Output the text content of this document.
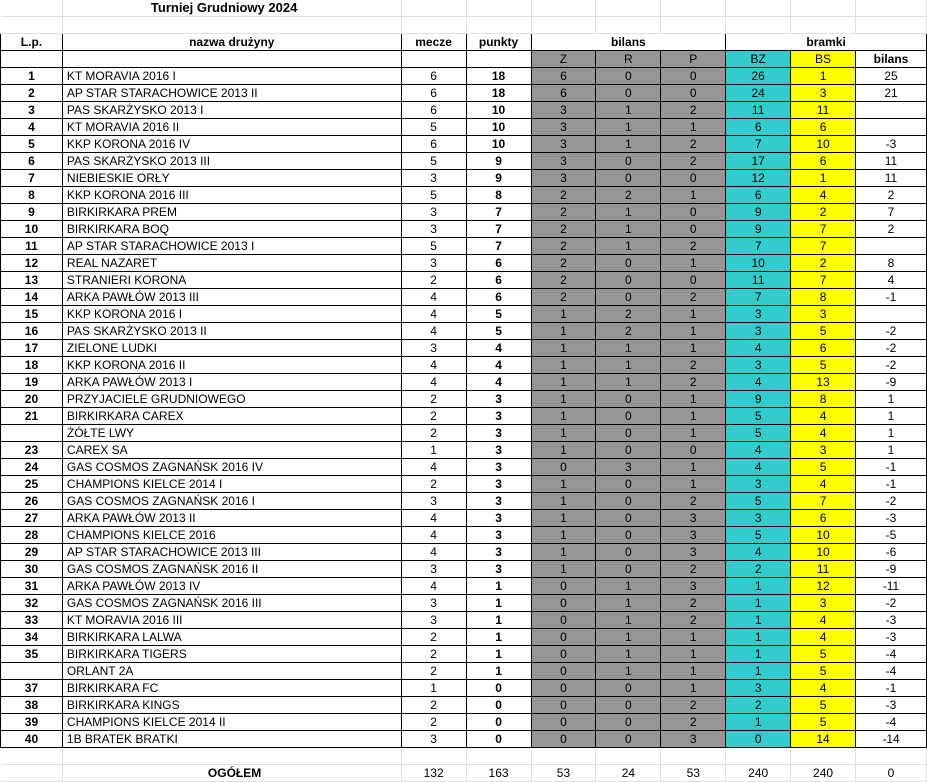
	Turniej Grudniowy 2024								

L.p.	nazwa drużyny	mecze	punkty	bilans			bramki		
				Z	R	P	BZ	BS	bilans
1	KT MORAVIA 2016 I	6	18	6	0	0	26	1	25
2	AP STAR STARACHOWICE 2013 II	6	18	6	0	0	24	3	21
3	PAS SKARŻYSKO 2013 I	6	10	3	1	2	11	11	
4	KT MORAVIA 2016 II	5	10	3	1	1	6	6	
5	KKP KORONA 2016 IV	6	10	3	1	2	7	10	-3
6	PAS SKARŻYSKO 2013 III	5	9	3	0	2	17	6	11
7	NIEBIESKIE ORŁY	3	9	3	0	0	12	1	11
8	KKP KORONA 2016 III	5	8	2	2	1	6	4	2
9	BIRKIRKARA PREM	3	7	2	1	0	9	2	7
10	BIRKIRKARA BOQ	3	7	2	1	0	9	7	2
11	AP STAR STARACHOWICE 2013 I	5	7	2	1	2	7	7	
12	REAL NAZARET	3	6	2	0	1	10	2	8
13	STRANIERI KORONA	2	6	2	0	0	11	7	4
14	ARKA PAWŁÓW 2013 III	4	6	2	0	2	7	8	-1
15	KKP KORONA 2016 I	4	5	1	2	1	3	3	
16	PAS SKARŻYSKO 2013 II	4	5	1	2	1	3	5	-2
17	ZIELONE LUDKI	3	4	1	1	1	4	6	-2
18	KKP KORONA 2016 II	4	4	1	1	2	3	5	-2
19	ARKA PAWŁÓW 2013 I	4	4	1	1	2	4	13	-9
20	PRZYJACIELE GRUDNIOWEGO	2	3	1	0	1	9	8	1
21	BIRKIRKARA CAREX	2	3	1	0	1	5	4	1
	ŻÓŁTE LWY	2	3	1	0	1	5	4	1
23	CAREX SA	1	3	1	0	0	4	3	1
24	GAS COSMOS ZAGNAŃSK 2016 IV	4	3	0	3	1	4	5	-1
25	CHAMPIONS KIELCE 2014 I	2	3	1	0	1	3	4	-1
26	GAS COSMOS ZAGNAŃSK 2016 I	3	3	1	0	2	5	7	-2
27	ARKA PAWŁÓW 2013 II	4	3	1	0	3	3	6	-3
28	CHAMPIONS KIELCE 2016	4	3	1	0	3	5	10	-5
29	AP STAR STARACHOWICE 2013 III	4	3	1	0	3	4	10	-6
30	GAS COSMOS ZAGNAŃSK 2016 II	3	3	1	0	2	2	11	-9
31	ARKA PAWŁÓW 2013 IV	4	1	0	1	3	1	12	-11
32	GAS COSMOS ZAGNAŃSK 2016 III	3	1	0	1	2	1	3	-2
33	KT MORAVIA 2016 III	3	1	0	1	2	1	4	-3
34	BIRKIRKARA LALWA	2	1	0	1	1	1	4	-3
35	BIRKIRKARA TIGERS	2	1	0	1	1	1	5	-4
	ORLANT 2A	2	1	0	1	1	1	5	-4
37	BIRKIRKARA FC	1	0	0	0	1	3	4	-1
38	BIRKIRKARA KINGS	2	0	0	0	2	2	5	-3
39	CHAMPIONS KIELCE 2014 II	2	0	0	0	2	1	5	-4
40	1B BRATEK BRATKI	3	0	0	0	3	0	14	-14

	OGÓŁEM	132	163	53	24	53	240	240	0
